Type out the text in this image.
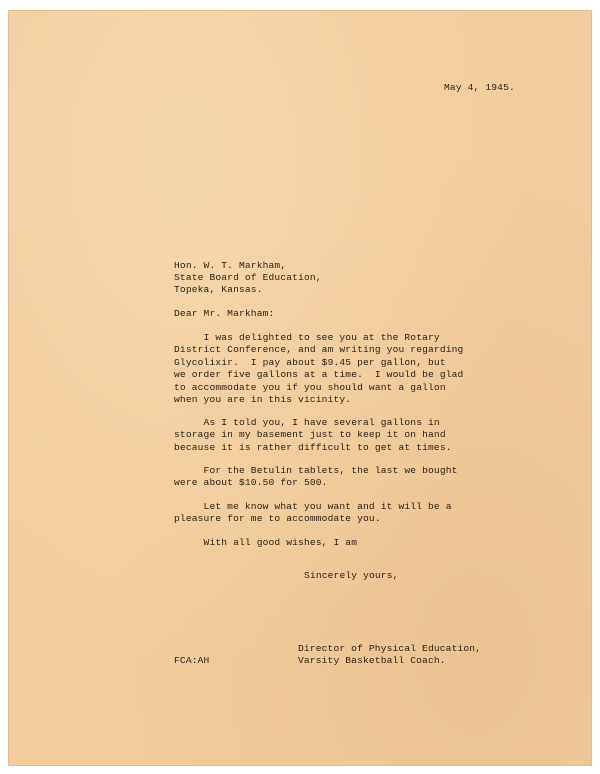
May 4, 1945.

Hon. W. T. Markham,

State Board of Education,

Topeka, Kansas.

Dear Mr. Markham:

I was delighted to see you at the Rotary
District Conference, and am writing you regarding
Glycolixir.  I pay about $9.45 per gallon, but
we order five gallons at a time.  I would be glad
to accommodate you if you should want a gallon
when you are in this vicinity.
As I told you, I have several gallons in
storage in my basement just to keep it on hand
because it is rather difficult to get at times.
For the Betulin tablets, the last we bought
were about $10.50 for 500.
Let me know what you want and it will be a
pleasure for me to accommodate you.
With all good wishes, I am

Sincerely yours,

Director of Physical Education,

Varsity Basketball Coach.

FCA:AH
